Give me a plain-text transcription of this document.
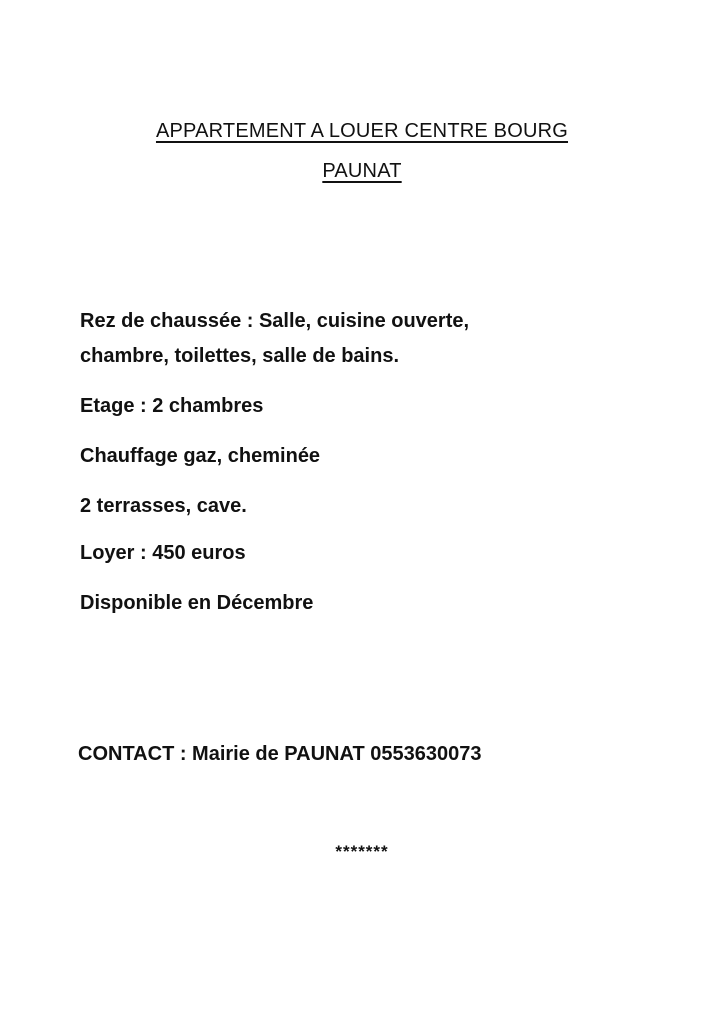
APPARTEMENT A LOUER CENTRE BOURG
PAUNAT
Rez de chaussée : Salle, cuisine ouverte,
chambre, toilettes, salle de bains.
Etage : 2 chambres
Chauffage gaz, cheminée
2 terrasses, cave.
Loyer : 450 euros
Disponible en Décembre
CONTACT : Mairie de PAUNAT 0553630073
*******
